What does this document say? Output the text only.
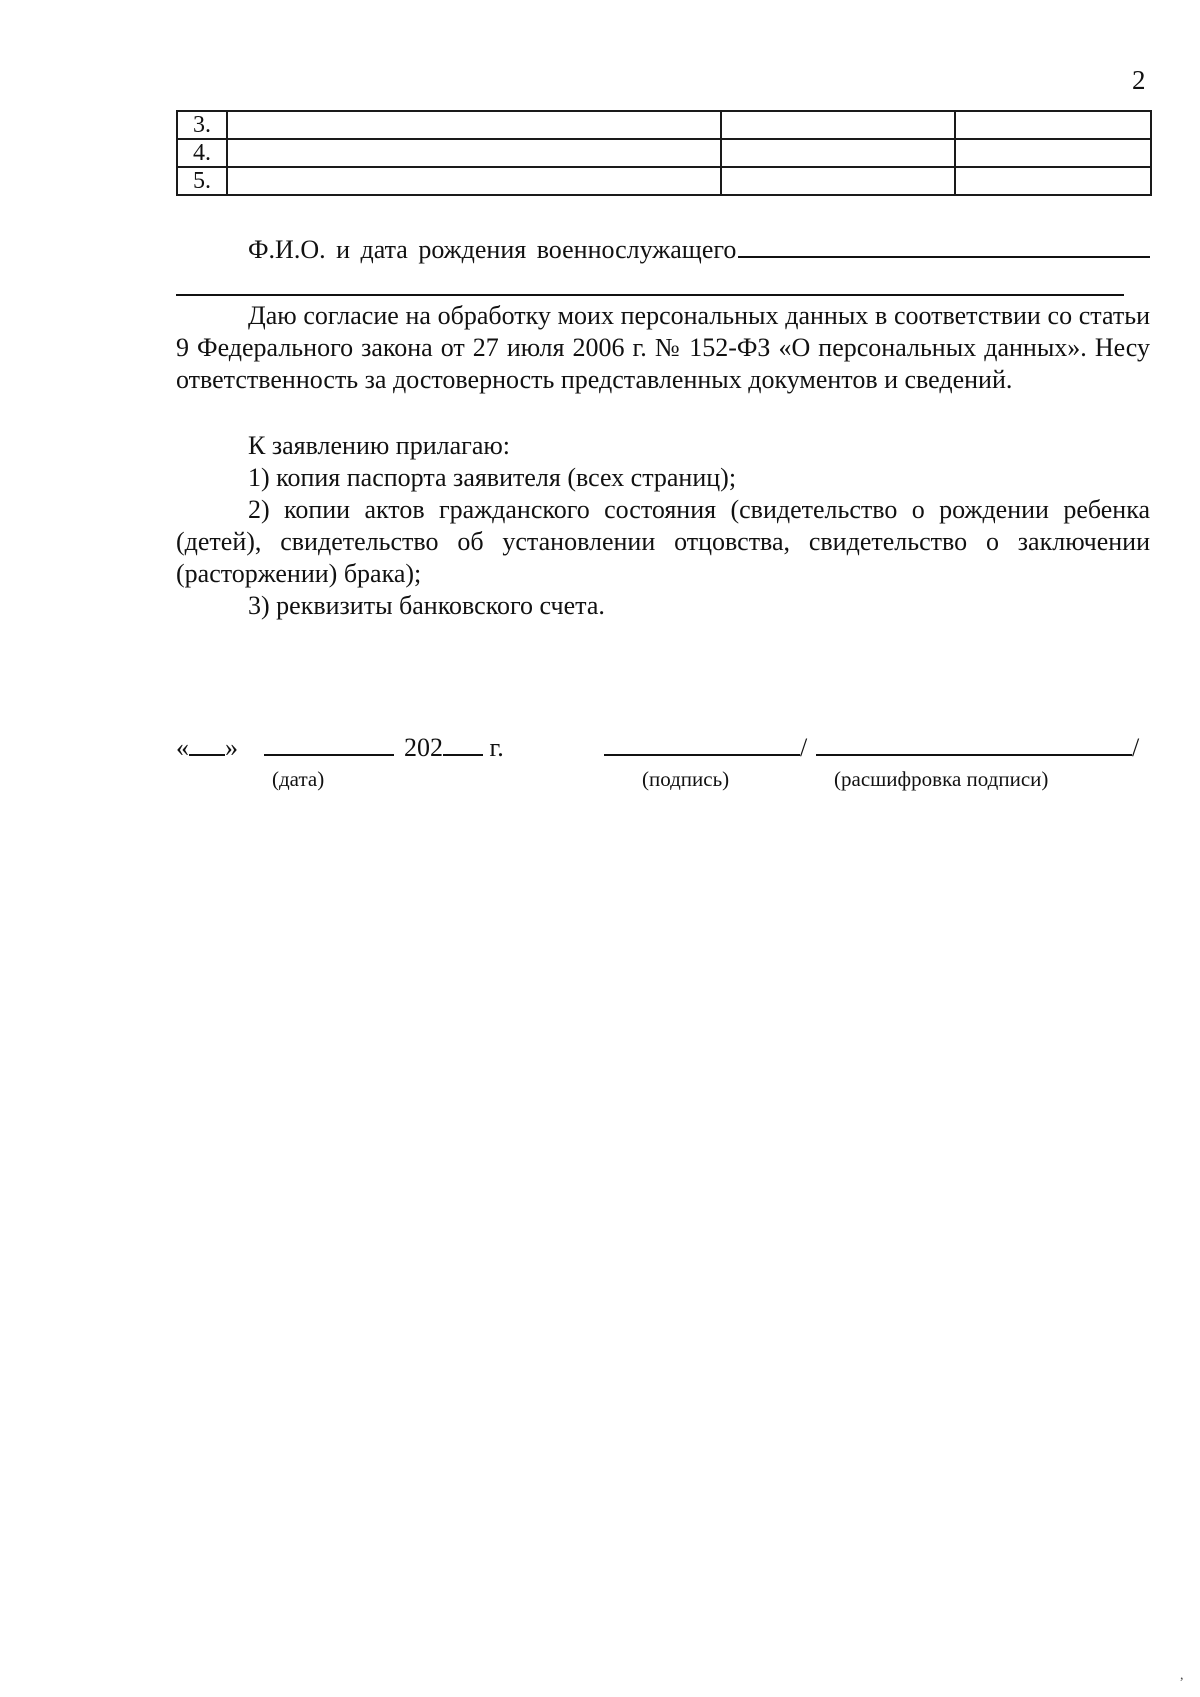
2
3.			
4.			
5.			
Ф.И.О. и дата рождения военнослужащего

Даю согласие на обработку моих персональных данных в соответствии со статьи 9 Федерального закона от 27 июля 2006 г. № 152-ФЗ «О персональных данных». Несу ответственность за достоверность представленных документов и сведений.

К заявлению прилагаю:

1) копия паспорта заявителя (всех страниц);

2) копии актов гражданского состояния (свидетельство о рождении ребенка (детей), свидетельство об установлении отцовства, свидетельство о заключении (расторжении) брака);

3) реквизиты банковского счета.

« »	202 г.	/	/
(дата)	(подпись)	(расшифровка подписи)
,
